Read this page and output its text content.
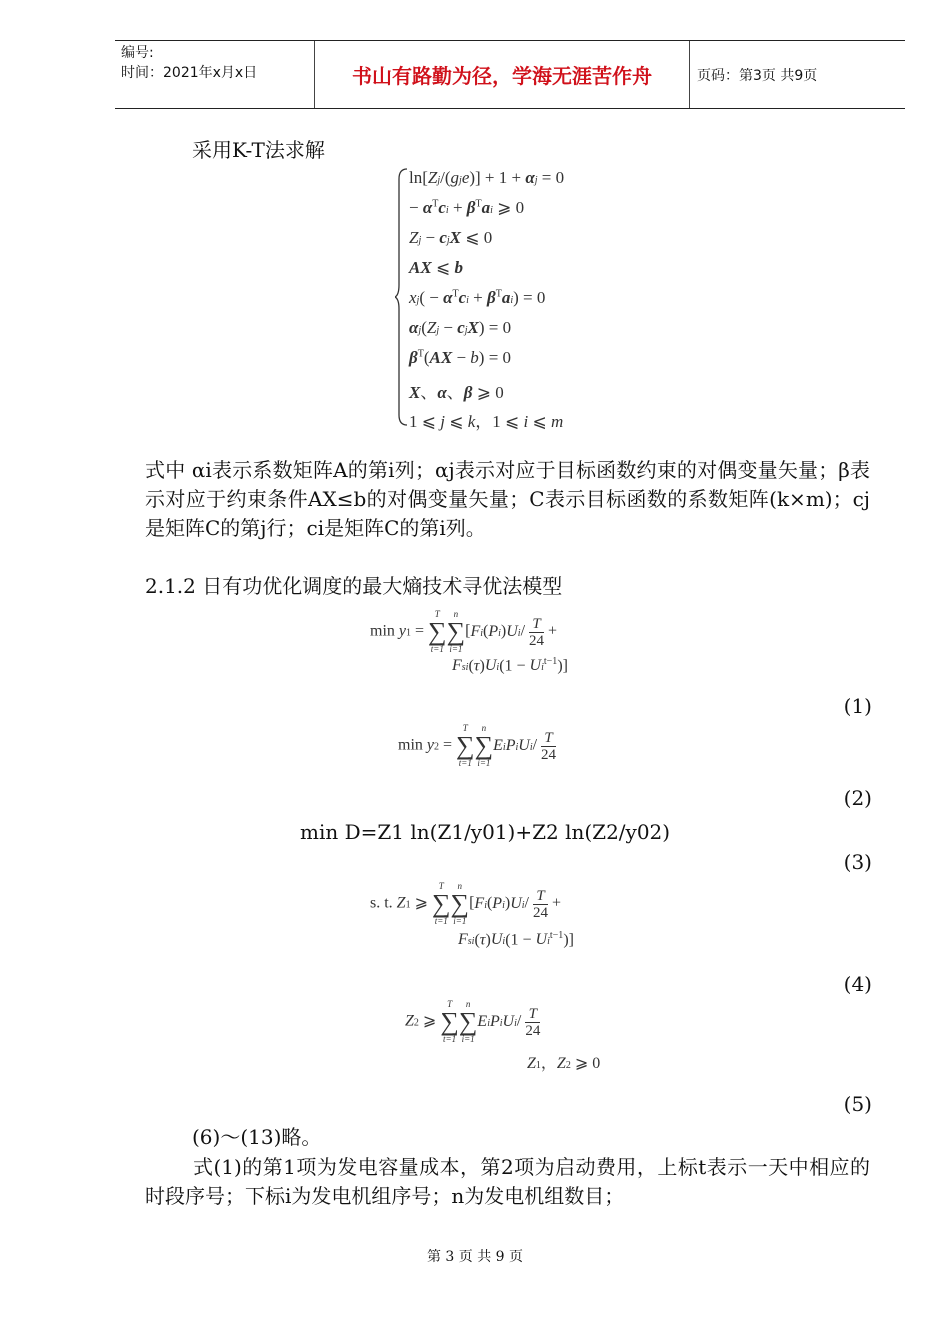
编号:
时间：2021年x月x日	书山有路勤为径，学海无涯苦作舟	页码：第3页 共9页
采用K-T法求解
ln[Zj/(gje)] + 1 + αj = 0
− $\alpha^Tci + \beta^Tai$ ⩾ 0
Zj − cjX ⩽ 0
AX ⩽ b
$xj( - \alpha^Tci + \beta^Tai) = 0$
αj(Zj − cjX) = 0
$\beta^T(AX - b) = 0$
X、α、β ⩾ 0
1 ⩽ j ⩽ k，1 ⩽ i ⩽ m
式中 αi表示系数矩阵A的第i列；αj表示对应于目标函数约束的对偶变量矢量；β表示对应于约束条件AX≤b的对偶变量矢量；C表示目标函数的系数矩阵(k×m)；cj是矩阵C的第j行；ci是矩阵C的第i列。
2.1.2 日有功优化调度的最大熵技术寻优法模型
min y1 =
T
∑
t=1
n
∑
i=1
[$Fi(Pi)Ui/ \frac{T}{24}$ +
$Fsi(\tau)Ui(1 - Ui^{t-1})$]
(1)
min y2 =
T
∑
t=1
n
∑
i=1
EiPiUi/ $\frac{T}{24}$
(2)
min D=Z1 ln(Z1/y01)+Z2 ln(Z2/y02)
(3)
s. t. Z1 ⩾
T
∑
t=1
n
∑
i=1
[$Fi(Pi)Ui/ \frac{T}{24}$ +
$Fsi(\tau)Ui(1 - Ui^{t-1})$]
(4)
Z2 ⩾
T
∑
t=1
n
∑
i=1
EiPiUi/ $\frac{T}{24}$
Z1，Z2 ⩾ 0
(5)
(6)～(13)略。
式(1)的第1项为发电容量成本，第2项为启动费用，上标t表示一天中相应的时段序号；下标i为发电机组序号；n为发电机组数目；
第 3 页 共 9 页
